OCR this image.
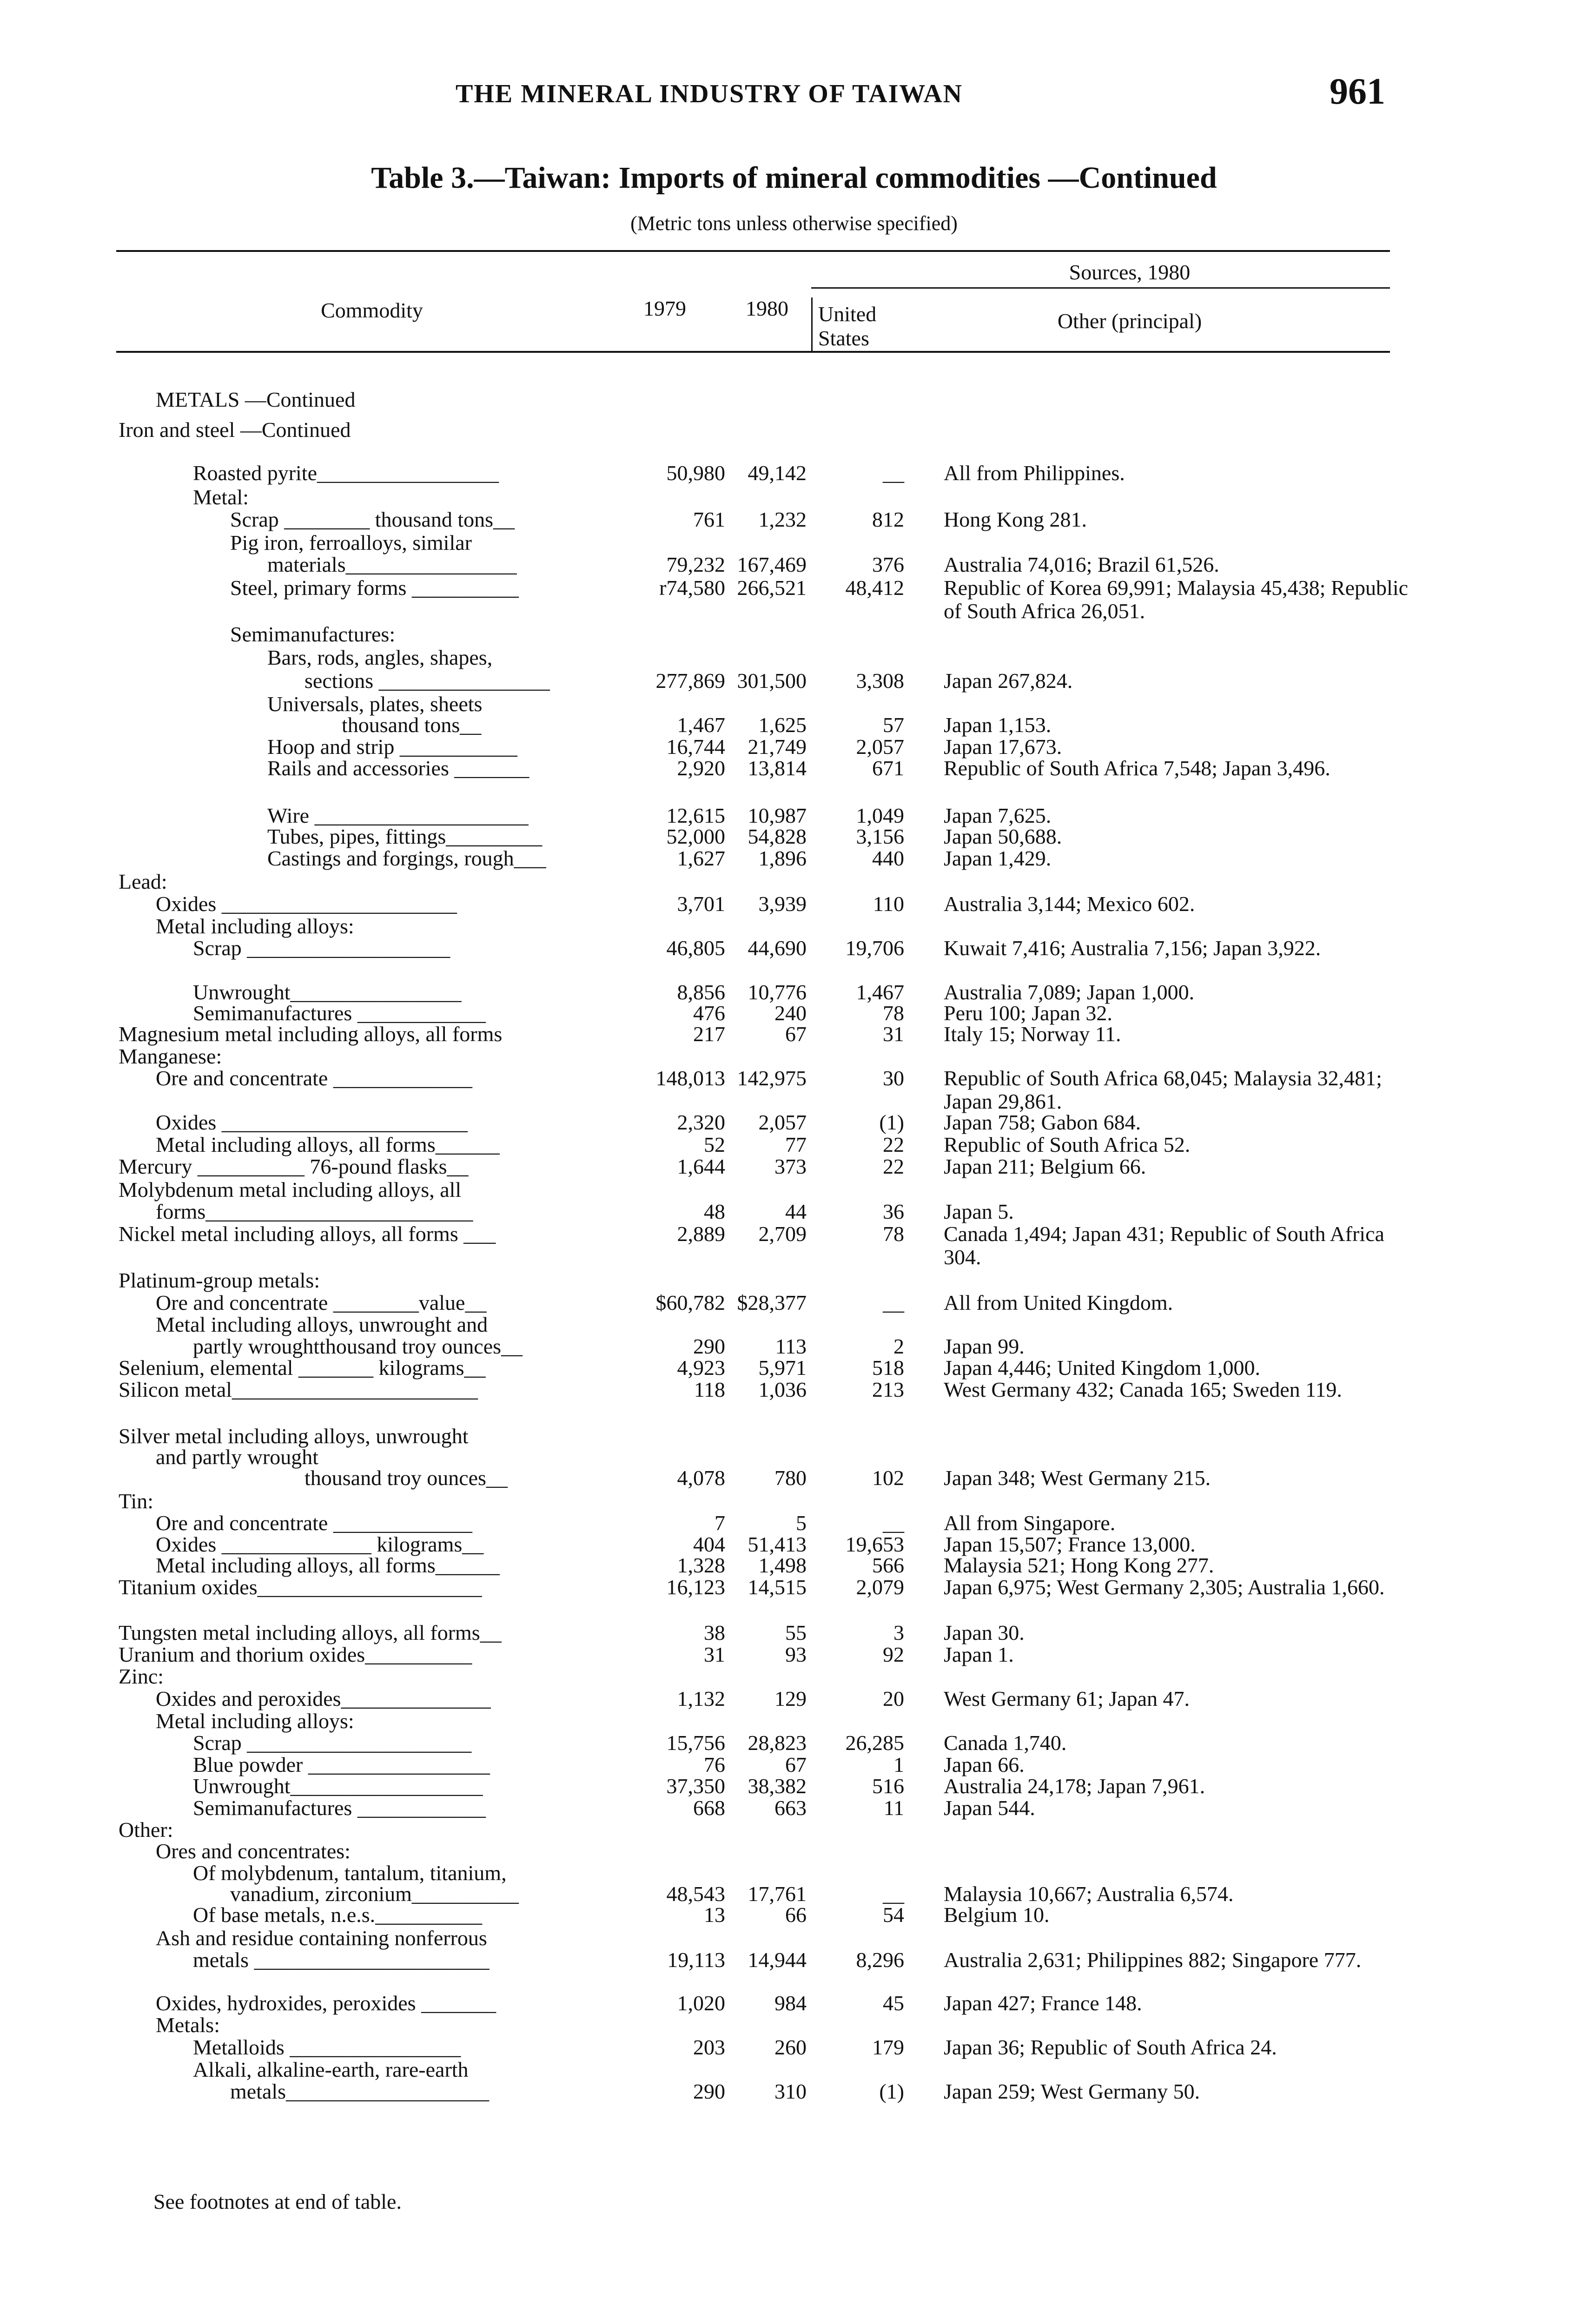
THE MINERAL INDUSTRY OF TAIWAN	961
Table 3.—Taiwan: Imports of mineral commodities —Continued
(Metric tons unless otherwise specified)
Commodity	1979	1980
Sources, 1980
United States
Other (principal)
METALS —Continued
Iron and steel —Continued
Roasted pyrite_________________	50,980	49,142	__ All from Philippines.
Metal:
Scrap ________ thousand tons__	761	1,232	812 Hong Kong 281.
Pig iron, ferroalloys, similar
materials________________	79,232 167,469	376 Australia 74,016; Brazil 61,526.
Steel, primary forms __________	r74,580 266,521	48,412 Republic of Korea 69,991; Malaysia 45,438; Republic of South Africa 26,051.
Semimanufactures:
Bars, rods, angles, shapes,
sections ________________	277,869 301,500	3,308 Japan 267,824.
Universals, plates, sheets
thousand tons__	1,467	1,625	57 Japan 1,153.
Hoop and strip ___________	16,744	21,749	2,057 Japan 17,673.
Rails and accessories _______	2,920	13,814	671 Republic of South Africa 7,548; Japan 3,496.
Wire ____________________	12,615	10,987	1,049 Japan 7,625.
Tubes, pipes, fittings_________	52,000	54,828	3,156 Japan 50,688.
Castings and forgings, rough___	1,627	1,896	440 Japan 1,429.
Lead:
Oxides ______________________	3,701	3,939	110 Australia 3,144; Mexico 602.
Metal including alloys:
Scrap ___________________	46,805	44,690	19,706 Kuwait 7,416; Australia 7,156; Japan 3,922.
Unwrought________________	8,856	10,776	1,467 Australia 7,089; Japan 1,000.
Semimanufactures ____________	476	240	78 Peru 100; Japan 32.
Magnesium metal including alloys, all forms	217	67	31 Italy 15; Norway 11.
Manganese:
Ore and concentrate _____________	148,013 142,975	30 Republic of South Africa 68,045; Malaysia 32,481; Japan 29,861.
Oxides _______________________	2,320	2,057	(1) Japan 758; Gabon 684.
Metal including alloys, all forms______	52	77	22 Republic of South Africa 52.
Mercury __________ 76-pound flasks__	1,644	373	22 Japan 211; Belgium 66.
Molybdenum metal including alloys, all
forms_________________________	48	44	36 Japan 5.
Nickel metal including alloys, all forms ___	2,889	2,709	78 Canada 1,494; Japan 431; Republic of South Africa 304.
Platinum-group metals:
Ore and concentrate ________value__	$60,782 $28,377	__ All from United Kingdom.
Metal including alloys, unwrought and
partly wroughtthousand troy ounces__	290	113	2 Japan 99.
Selenium, elemental _______ kilograms__	4,923	5,971	518 Japan 4,446; United Kingdom 1,000.
Silicon metal_______________________	118	1,036	213 West Germany 432; Canada 165; Sweden 119.
Silver metal including alloys, unwrought
and partly wrought
thousand troy ounces__	4,078	780	102 Japan 348; West Germany 215.
Tin:
Ore and concentrate _____________	7	5	__ All from Singapore.
Oxides ______________ kilograms__	404	51,413	19,653 Japan 15,507; France 13,000.
Metal including alloys, all forms______	1,328	1,498	566 Malaysia 521; Hong Kong 277.
Titanium oxides_____________________	16,123	14,515	2,079 Japan 6,975; West Germany 2,305; Australia 1,660.
Tungsten metal including alloys, all forms__	38	55	3 Japan 30.
Uranium and thorium oxides__________	31	93	92 Japan 1.
Zinc:
Oxides and peroxides______________	1,132	129	20 West Germany 61; Japan 47.
Metal including alloys:
Scrap _____________________	15,756	28,823	26,285 Canada 1,740.
Blue powder _________________	76	67	1 Japan 66.
Unwrought__________________	37,350	38,382	516 Australia 24,178; Japan 7,961.
Semimanufactures ____________	668	663	11 Japan 544.
Other:
Ores and concentrates:
Of molybdenum, tantalum, titanium,
vanadium, zirconium__________	48,543	17,761	__ Malaysia 10,667; Australia 6,574.
Of base metals, n.e.s.__________	13	66	54 Belgium 10.
Ash and residue containing nonferrous
metals ______________________	19,113	14,944	8,296 Australia 2,631; Philippines 882; Singapore 777.
Oxides, hydroxides, peroxides _______	1,020	984	45 Japan 427; France 148.
Metals:
Metalloids ________________	203	260	179 Japan 36; Republic of South Africa 24.
Alkali, alkaline-earth, rare-earth
metals___________________	290	310	(1) Japan 259; West Germany 50.
See footnotes at end of table.
